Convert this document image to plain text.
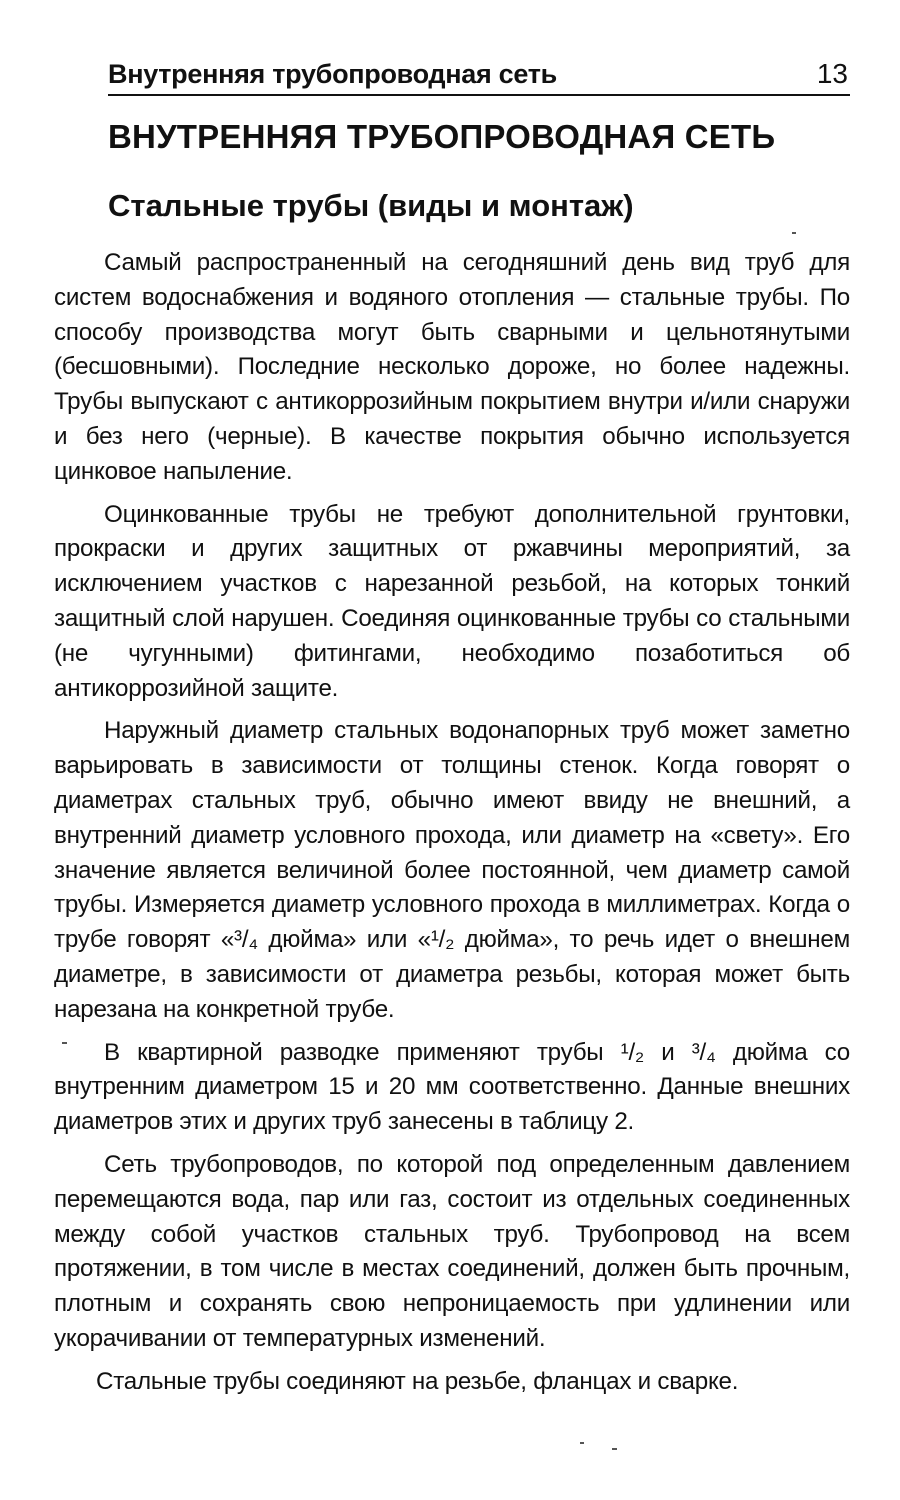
Внутренняя трубопроводная сеть	13
ВНУТРЕННЯЯ ТРУБОПРОВОДНАЯ СЕТЬ
Стальные трубы (виды и монтаж)

Самый распространенный на сегодняшний день вид труб для систем водоснабжения и водяного отопления — стальные трубы. По способу производства могут быть сварными и цельнотянутыми (бесшовными). Последние несколько дороже, но более надежны. Трубы выпускают с антикоррозийным покрытием внутри и/или снаружи и без него (черные). В качестве покрытия обычно используется цинковое напыление.

Оцинкованные трубы не требуют дополнительной грунтовки, прокраски и других защитных от ржавчины мероприятий, за исключением участков с нарезанной резьбой, на которых тонкий защитный слой нарушен. Соединяя оцинкованные трубы со стальными (не чугунными) фитингами, необходимо позаботиться об антикоррозийной защите.

Наружный диаметр стальных водонапорных труб может заметно варьировать в зависимости от толщины стенок. Когда говорят о диаметрах стальных труб, обычно имеют ввиду не внешний, а внутренний диаметр условного прохода, или диаметр на «свету». Его значение является величиной более постоянной, чем диаметр самой трубы. Измеряется диаметр условного прохода в миллиметрах. Когда о трубе говорят «³/₄ дюйма» или «¹/₂ дюйма», то речь идет о внешнем диаметре, в зависимости от диаметра резьбы, которая может быть нарезана на конкретной трубе.

В квартирной разводке применяют трубы ¹/₂ и ³/₄ дюйма со внутренним диаметром 15 и 20 мм соответственно. Данные внешних диаметров этих и других труб занесены в таблицу 2.

Сеть трубопроводов, по которой под определенным давлением перемещаются вода, пар или газ, состоит из отдельных соединенных между собой участков стальных труб. Трубопровод на всем протяжении, в том числе в местах соединений, должен быть прочным, плотным и сохранять свою непроницаемость при удлинении или укорачивании от температурных изменений.

Стальные трубы соединяют на резьбе, фланцах и сварке.
